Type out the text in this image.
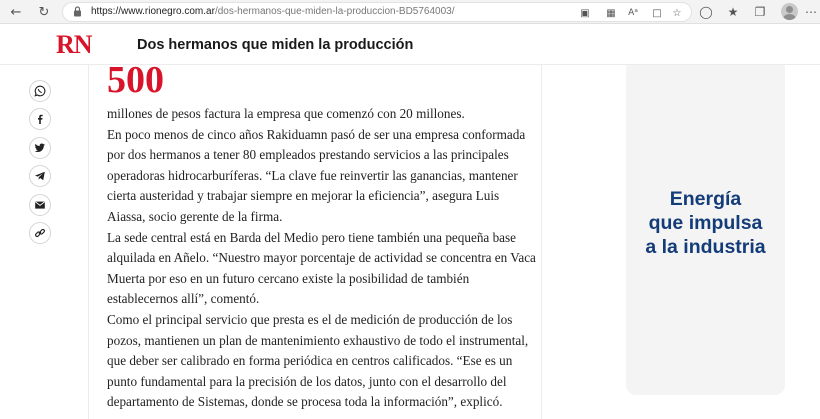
←	↻	https://www.rionegro.com.ar/dos-hermanos-que-miden-la-produccion-BD5764003/	▣ ▦ Aᵃ □ ☆ ◯	★	❐	⋯
RN	Dos hermanos que miden la producción
500

millones de pesos factura la empresa que comenzó con 20 millones.

En poco menos de cinco años Rakiduamn pasó de ser una empresa conformada por dos hermanos a tener 80 empleados prestando servicios a las principales operadoras hidrocarburíferas. “La clave fue reinvertir las ganancias, mantener cierta austeridad y trabajar siempre en mejorar la eficiencia”, asegura Luis Aiassa, socio gerente de la firma.

La sede central está en Barda del Medio pero tiene también una pequeña base alquilada en Añelo. “Nuestro mayor porcentaje de actividad se concentra en Vaca Muerta por eso en un futuro cercano existe la posibilidad de también establecernos allí”, comentó.

Como el principal servicio que presta es el de medición de producción de los pozos, mantienen un plan de mantenimiento exhaustivo de todo el instrumental, que deber ser calibrado en forma periódica en centros calificados. “Ese es un punto fundamental para la precisión de los datos, junto con el desarrollo del departamento de Sistemas, donde se procesa toda la información”, explicó.

Energía
que impulsa
a la industria
